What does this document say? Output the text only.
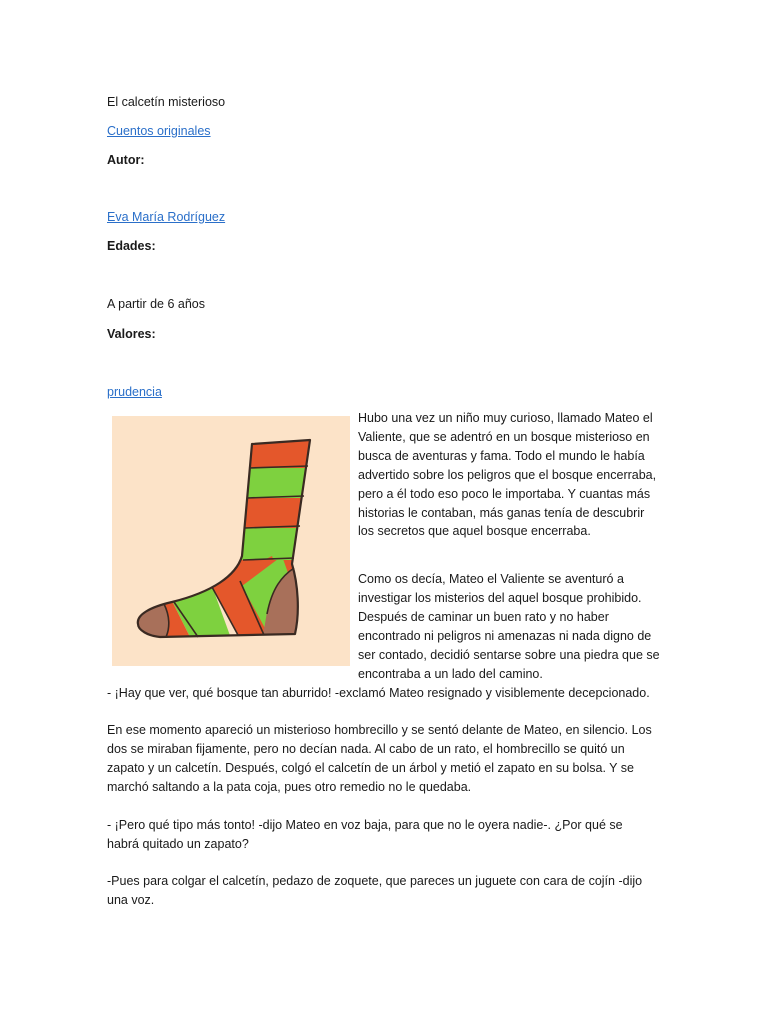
El calcetín misterioso
Cuentos originales
Autor:
Eva María Rodríguez
Edades:
A partir de 6 años
Valores:
prudencia
Hubo una vez un niño muy curioso, llamado Mateo el
Valiente, que se adentró en un bosque misterioso en
busca de aventuras y fama. Todo el mundo le había
advertido sobre los peligros que el bosque encerraba,
pero a él todo eso poco le importaba. Y cuantas más
historias le contaban, más ganas tenía de descubrir
los secretos que aquel bosque encerraba.
Como os decía, Mateo el Valiente se aventuró a
investigar los misterios del aquel bosque prohibido.
Después de caminar un buen rato y no haber
encontrado ni peligros ni amenazas ni nada digno de
ser contado, decidió sentarse sobre una piedra que se
encontraba a un lado del camino.
- ¡Hay que ver, qué bosque tan aburrido! -exclamó Mateo resignado y visiblemente decepcionado.
En ese momento apareció un misterioso hombrecillo y se sentó delante de Mateo, en silencio. Los
dos se miraban fijamente, pero no decían nada. Al cabo de un rato, el hombrecillo se quitó un
zapato y un calcetín. Después, colgó el calcetín de un árbol y metió el zapato en su bolsa. Y se
marchó saltando a la pata coja, pues otro remedio no le quedaba.
- ¡Pero qué tipo más tonto! -dijo Mateo en voz baja, para que no le oyera nadie-. ¿Por qué se
habrá quitado un zapato?
-Pues para colgar el calcetín, pedazo de zoquete, que pareces un juguete con cara de cojín -dijo
una voz.
